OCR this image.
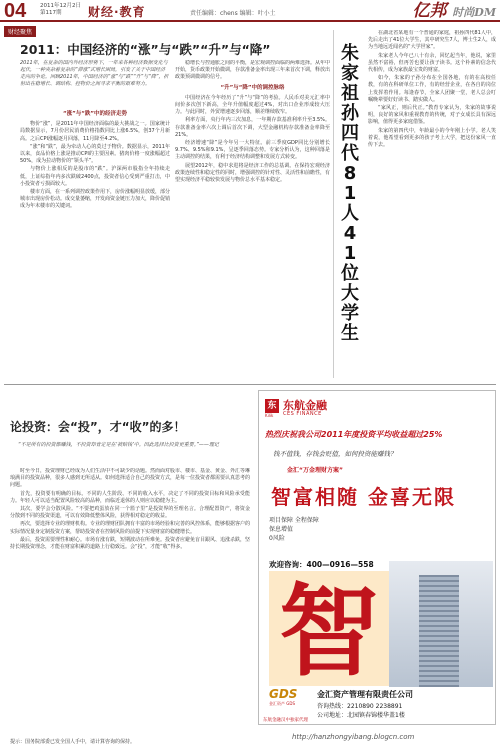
04	2011年12月2日
第117期	财经·教育	责任编辑：chens 编辑：叶小土	亿邦 时尚DM
财经聚焦
2011：中国经济的“涨”与“跌”“升”与“降”
2011年，在复杂的国内外经济形势下，一年来各种经济数据变化与起伏，一种夹杂着复杂的“滞涨”式增长困局，引发了关于中国经济走向的争论。回顾2011年，中国经济的“涨”与“跌”“升”与“降”，折射出在稳增长、调结构、控物价之间寻求平衡的艰难努力。

“涨”与“跌”中的经济走势

物价“涨”，是2011年中国经济面临的最大挑战之一。国家统计局数据显示，7月份居民消费价格指数同比上涨6.5%，创37个月新高。之后CPI涨幅逐月回落，11月降至4.2%。

“涨”和“跌”，最为牵动人心的莫过于物价。数据显示，2011年以来，食品价格上涨是推动CPI的主要因素。猪肉价格一度涨幅超过50%，成为拉动物价的“领头羊”。

与物价上涨相反的是股市的“跌”。沪深两市股指全年持续走低，上证综指年内多次跌破2400点，投资者信心受到严重打击，中小投资者亏损面较大。

楼市方面，在一系列调控政策作用下，房价涨幅明显放缓，部分城市出现房价松动。成交量萎缩，开发商资金链压力加大，降价促销成为年末楼市的关键词。

稳增长与控通胀之间的平衡，是宏观调控面临的两难选择。从年中开始，货币政策开始微调，存款准备金率出现三年来首次下调，释放出政策预调微调的信号。

“升”与“降”中的调控脉络

中国经济在今年经历了“升”与“降”的考验。人民币对美元汇率中间价多次创下新高，全年升值幅度超过4%，对出口企业形成较大压力。与此同时，外贸增速逐步回落，顺差继续收窄。

利率方面，央行年内三次加息，一年期存款基准利率升至3.5%。存款准备金率六次上调后首次下调，大型金融机构存款准备金率降至21%。

经济增速“降”是今年另一大特征。前三季度GDP同比分别增长9.7%、9.5%和9.1%，呈逐季回落态势。专家分析认为，这种回落是主动调控的结果，有利于经济结构调整和发展方式转变。

展望2012年，稳中求进将是经济工作的总基调。在保持宏观经济政策连续性和稳定性的同时，增强调控的针对性、灵活性和前瞻性，有望实现经济平稳较快发展与物价总水平基本稳定。

朱
家
祖
孙
四
代
8
1
人
4
1
位
大
学
生

在湖北省某地有一个普通的家庭，祖孙四代81人中，先后走出了41位大学生，其中研究生7人，博士生2人，成为当地远近闻名的“大学世家”。

朱家老人今年已八十有余，回忆起当年，他说，家里虽然不富裕，但再苦也要让孩子读书。这个朴素的信念代代相传，成为家族最宝贵的财富。

如今，朱家的子孙分布在全国各地，有的在高校任教，有的在科研单位工作，有的经营企业，在各自的岗位上发挥着作用。每逢春节，全家人团聚一堂，老人总会叮嘱晚辈要好好读书、踏实做人。

“家风正，则后代正。”教育专家认为，朱家的故事说明，良好的家风和重视教育的传统，对子女成长具有深远影响，值得更多家庭借鉴。

朱家的第四代中，年龄最小的今年刚上小学。老人笑着说，他希望看到更多的孩子考上大学，把这份家风一直传下去。

论投资：会“投”，才“收”的多！
“不是所有的投资都赚钱，不投资却肯定是在‘被赔钱’中。因此选择比投资更重要。”——理记

时至今日，投资理财已经成为人们生活中不可缺少的话题。然而面对股市、楼市、基金、黄金、外汇等琳琅满目的投资品种，很多人感到无所适从。如何选择适合自己的投资方式，是每一位投资者都需要认真思考的问题。

首先，投资要有明确的目标。不同的人生阶段、不同的收入水平，决定了不同的投资目标和风险承受能力。年轻人可以适当配置风险较高的品种，而临近退休的人则应以稳健为主。

其次，要学会分散风险。“不要把鸡蛋放在同一个篮子里”是投资界的至理名言。合理配置资产，将资金分散到不同的投资渠道，可以有效降低整体风险，获得相对稳定的收益。

再次，要选择专业的理财机构。专业的理财团队拥有丰富的市场经验和完善的风控体系，能够根据客户的实际情况量身定制投资方案，帮助投资者在控制风险的前提下实现财富的稳健增长。

最后，投资需要理性和耐心。市场有涨有跌，短期波动在所难免。投资者应避免盲目跟风、追涨杀跌，坚持长期投资理念，才能在财富积累的道路上行稳致远。会“投”，才能“收”得多。

东 东航金融
CES FINANCE
Kilik
热烈庆祝我公司2011年度投资平均收益超过25%
钱不值钱，存钱会贬值，如何投资能赚钱？
金汇“万金理财方案”
智富相随 金喜无限
项目保障 全程保障
保息增值
0风险
欢迎咨询：400—0916—558
智
GDS
金汇资产 GDS
金汇资产管理有限责任公司
咨询热线：2210890 2238891
公司地址：北园镇春锦楼华盖1楼
东航金融汉中独家代理
提示：国务院部委已发全国人手中，请计算咨询的保持。
http://hanzhongyibang.blogcn.com
